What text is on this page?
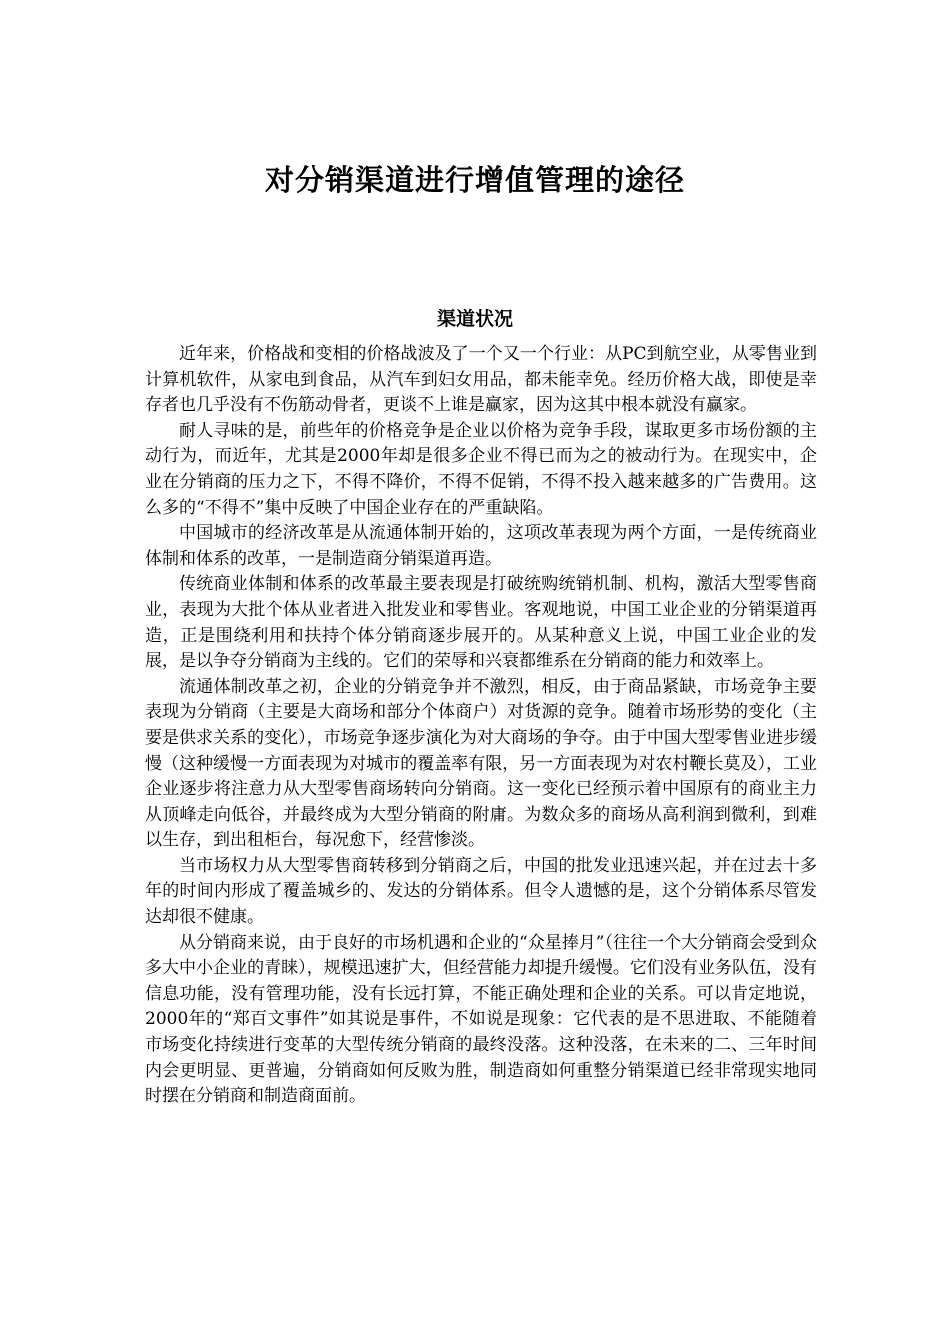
对分销渠道进行增值管理的途径
渠道状况

近年来，价格战和变相的价格战波及了一个又一个行业：从PC到航空业，从零售业到计算机软件，从家电到食品，从汽车到妇女用品，都未能幸免。经历价格大战，即使是幸存者也几乎没有不伤筋动骨者，更谈不上谁是赢家，因为这其中根本就没有赢家。

耐人寻味的是，前些年的价格竞争是企业以价格为竞争手段，谋取更多市场份额的主动行为，而近年，尤其是2000年却是很多企业不得已而为之的被动行为。在现实中，企业在分销商的压力之下，不得不降价，不得不促销，不得不投入越来越多的广告费用。这么多的“不得不”集中反映了中国企业存在的严重缺陷。

中国城市的经济改革是从流通体制开始的，这项改革表现为两个方面，一是传统商业体制和体系的改革，一是制造商分销渠道再造。

传统商业体制和体系的改革最主要表现是打破统购统销机制、机构，激活大型零售商业，表现为大批个体从业者进入批发业和零售业。客观地说，中国工业企业的分销渠道再造，正是围绕利用和扶持个体分销商逐步展开的。从某种意义上说，中国工业企业的发展，是以争夺分销商为主线的。它们的荣辱和兴衰都维系在分销商的能力和效率上。

流通体制改革之初，企业的分销竞争并不激烈，相反，由于商品紧缺，市场竞争主要表现为分销商（主要是大商场和部分个体商户）对货源的竞争。随着市场形势的变化（主要是供求关系的变化），市场竞争逐步演化为对大商场的争夺。由于中国大型零售业进步缓慢（这种缓慢一方面表现为对城市的覆盖率有限，另一方面表现为对农村鞭长莫及），工业企业逐步将注意力从大型零售商场转向分销商。这一变化已经预示着中国原有的商业主力从顶峰走向低谷，并最终成为大型分销商的附庸。为数众多的商场从高利润到微利，到难以生存，到出租柜台，每况愈下，经营惨淡。

当市场权力从大型零售商转移到分销商之后，中国的批发业迅速兴起，并在过去十多年的时间内形成了覆盖城乡的、发达的分销体系。但令人遗憾的是，这个分销体系尽管发达却很不健康。

从分销商来说，由于良好的市场机遇和企业的“众星捧月”（往往一个大分销商会受到众多大中小企业的青睐），规模迅速扩大，但经营能力却提升缓慢。它们没有业务队伍，没有信息功能，没有管理功能，没有长远打算，不能正确处理和企业的关系。可以肯定地说，2000年的“郑百文事件”如其说是事件，不如说是现象：它代表的是不思进取、不能随着市场变化持续进行变革的大型传统分销商的最终没落。这种没落，在未来的二、三年时间内会更明显、更普遍，分销商如何反败为胜，制造商如何重整分销渠道已经非常现实地同时摆在分销商和制造商面前。
